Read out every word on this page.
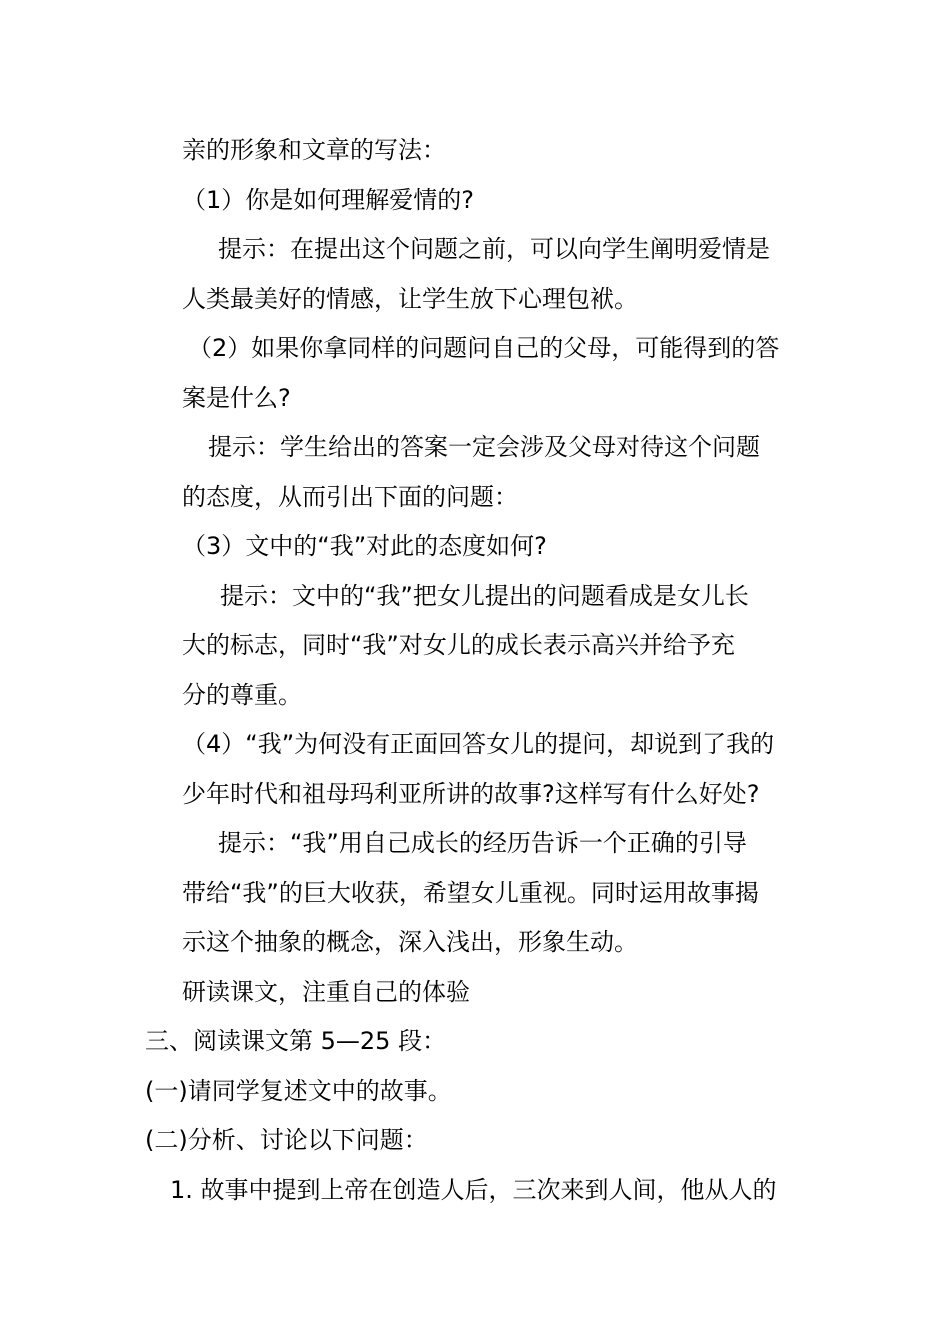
亲的形象和文章的写法：
（1）你是如何理解爱情的?
提示：在提出这个问题之前，可以向学生阐明爱情是
人类最美好的情感，让学生放下心理包袱。
（2）如果你拿同样的问题问自己的父母，可能得到的答
案是什么?
提示：学生给出的答案一定会涉及父母对待这个问题
的态度，从而引出下面的问题：
（3）文中的“我”对此的态度如何?
提示：文中的“我”把女儿提出的问题看成是女儿长
大的标志，同时“我”对女儿的成长表示高兴并给予充
分的尊重。
（4）“我”为何没有正面回答女儿的提问，却说到了我的
少年时代和祖母玛利亚所讲的故事?这样写有什么好处?
提示：“我”用自己成长的经历告诉一个正确的引导
带给“我”的巨大收获，希望女儿重视。同时运用故事揭
示这个抽象的概念，深入浅出，形象生动。
研读课文，注重自己的体验
三、阅读课文第 5—25 段：
(一)请同学复述文中的故事。
(二)分析、讨论以下问题：
1. 故事中提到上帝在创造人后，三次来到人间，他从人的
